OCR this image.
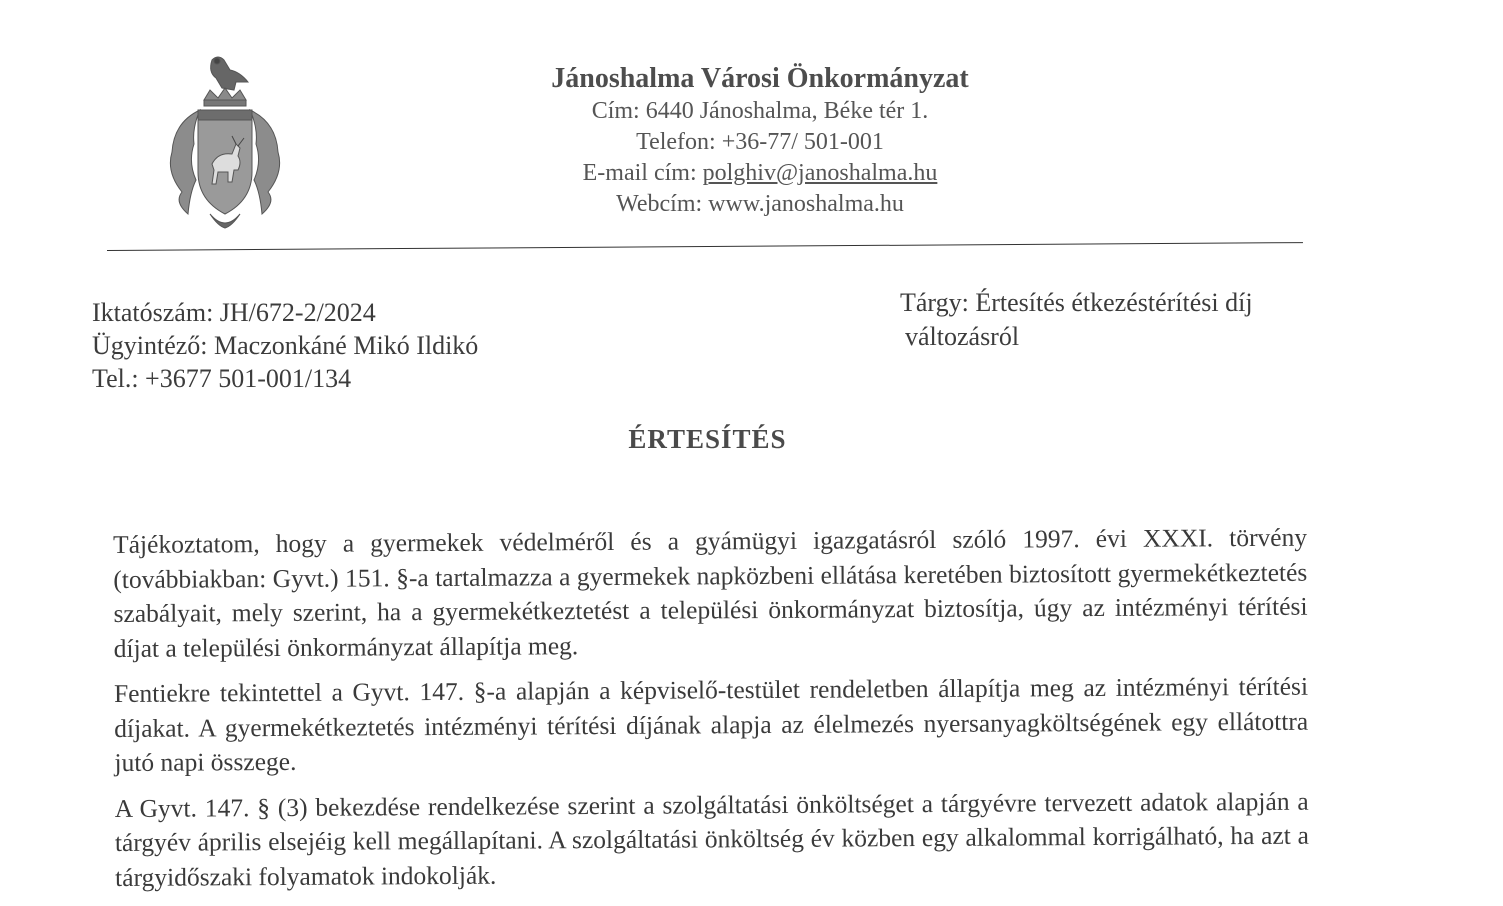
Jánoshalma Városi Önkormányzat
Cím: 6440 Jánoshalma, Béke tér 1.
Telefon: +36-77/ 501-001
E-mail cím: polghiv@janoshalma.hu
Webcím: www.janoshalma.hu
Iktatószám: JH/672-2/2024
Ügyintéző: Maczonkáné Mikó Ildikó
Tel.: +3677 501-001/134
Tárgy: Értesítés étkezéstérítési díj
változásról
ÉRTESÍTÉS

Tájékoztatom, hogy a gyermekek védelméről és a gyámügyi igazgatásról szóló 1997. évi XXXI. törvény (továbbiakban: Gyvt.) 151. §-a tartalmazza a gyermekek napközbeni ellátása keretében biztosított gyermekétkeztetés szabályait, mely szerint, ha a gyermekétkeztetést a települési önkormányzat biztosítja, úgy az intézményi térítési díjat a települési önkormányzat állapítja meg.

Fentiekre tekintettel a Gyvt. 147. §-a alapján a képviselő-testület rendeletben állapítja meg az intézményi térítési díjakat. A gyermekétkeztetés intézményi térítési díjának alapja az élelmezés nyersanyagköltségének egy ellátottra jutó napi összege.

A Gyvt. 147. § (3) bekezdése rendelkezése szerint a szolgáltatási önköltséget a tárgyévre tervezett adatok alapján a tárgyév április elsejéig kell megállapítani. A szolgáltatási önköltség év közben egy alkalommal korrigálható, ha azt a tárgyidőszaki folyamatok indokolják.
